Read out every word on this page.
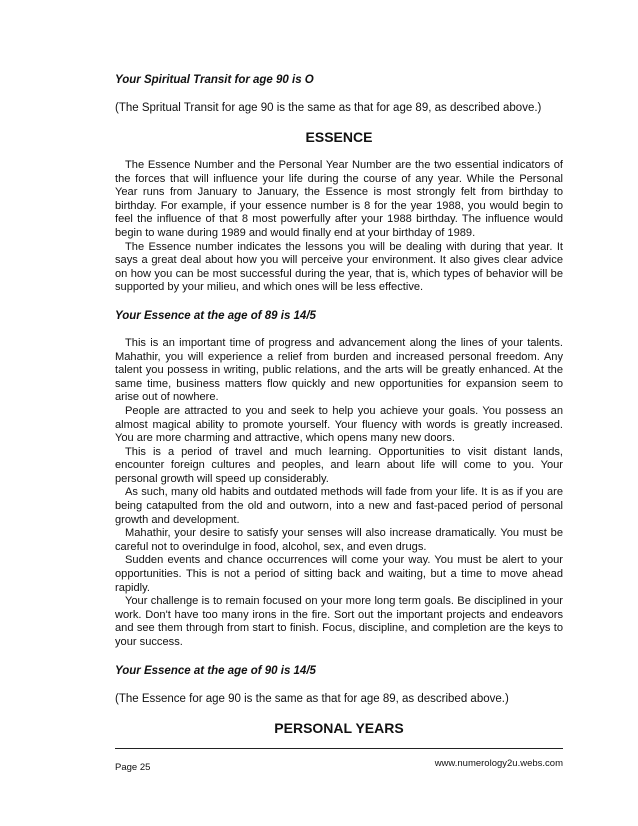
Your Spiritual Transit for age 90 is O
(The Spritual Transit for age 90 is the same as that for age 89, as described above.)
ESSENCE
The Essence Number and the Personal Year Number are the two essential indicators of the forces that will influence your life during the course of any year. While the Personal Year runs from January to January, the Essence is most strongly felt from birthday to birthday. For example, if your essence number is 8 for the year 1988, you would begin to feel the influence of that 8 most powerfully after your 1988 birthday. The influence would begin to wane during 1989 and would finally end at your birthday of 1989.
The Essence number indicates the lessons you will be dealing with during that year. It says a great deal about how you will perceive your environment. It also gives clear advice on how you can be most successful during the year, that is, which types of behavior will be supported by your milieu, and which ones will be less effective.
Your Essence at the age of 89 is 14/5
This is an important time of progress and advancement along the lines of your talents. Mahathir, you will experience a relief from burden and increased personal freedom. Any talent you possess in writing, public relations, and the arts will be greatly enhanced. At the same time, business matters flow quickly and new opportunities for expansion seem to arise out of nowhere.
People are attracted to you and seek to help you achieve your goals. You possess an almost magical ability to promote yourself. Your fluency with words is greatly increased. You are more charming and attractive, which opens many new doors.
This is a period of travel and much learning. Opportunities to visit distant lands, encounter foreign cultures and peoples, and learn about life will come to you. Your personal growth will speed up considerably.
As such, many old habits and outdated methods will fade from your life. It is as if you are being catapulted from the old and outworn, into a new and fast-paced period of personal growth and development.
Mahathir, your desire to satisfy your senses will also increase dramatically. You must be careful not to overindulge in food, alcohol, sex, and even drugs.
Sudden events and chance occurrences will come your way. You must be alert to your opportunities. This is not a period of sitting back and waiting, but a time to move ahead rapidly.
Your challenge is to remain focused on your more long term goals. Be disciplined in your work. Don't have too many irons in the fire. Sort out the important projects and endeavors and see them through from start to finish. Focus, discipline, and completion are the keys to your success.
Your Essence at the age of 90 is 14/5
(The Essence for age 90 is the same as that for age 89, as described above.)
PERSONAL YEARS
Page 25	www.numerology2u.webs.com
